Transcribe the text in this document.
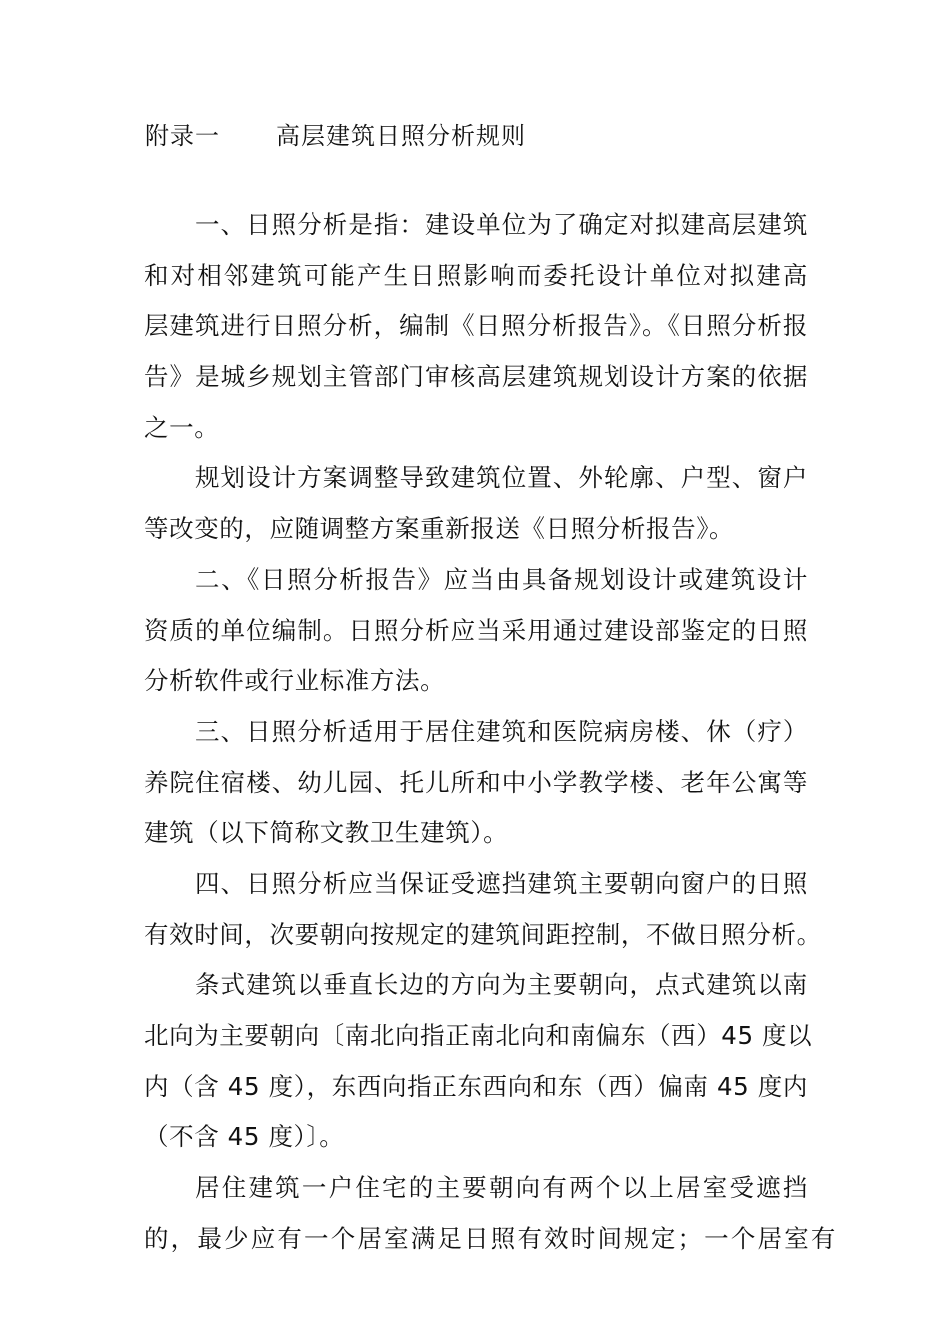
附录一 高层建筑日照分析规则
一、日照分析是指：建设单位为了确定对拟建高层建筑
和对相邻建筑可能产生日照影响而委托设计单位对拟建高
层建筑进行日照分析，编制《日照分析报告》。《日照分析报
告》是城乡规划主管部门审核高层建筑规划设计方案的依据
之一。
规划设计方案调整导致建筑位置、外轮廓、户型、窗户
等改变的，应随调整方案重新报送《日照分析报告》。
二、《日照分析报告》应当由具备规划设计或建筑设计
资质的单位编制。日照分析应当采用通过建设部鉴定的日照
分析软件或行业标准方法。
三、日照分析适用于居住建筑和医院病房楼、休（疗）
养院住宿楼、幼儿园、托儿所和中小学教学楼、老年公寓等
建筑（以下简称文教卫生建筑）。
四、日照分析应当保证受遮挡建筑主要朝向窗户的日照
有效时间，次要朝向按规定的建筑间距控制，不做日照分析。
条式建筑以垂直长边的方向为主要朝向，点式建筑以南
北向为主要朝向〔南北向指正南北向和南偏东（西）45 度以
内（含 45 度），东西向指正东西向和东（西）偏南 45 度内
（不含 45 度）〕。
居住建筑一户住宅的主要朝向有两个以上居室受遮挡
的，最少应有一个居室满足日照有效时间规定；一个居室有
